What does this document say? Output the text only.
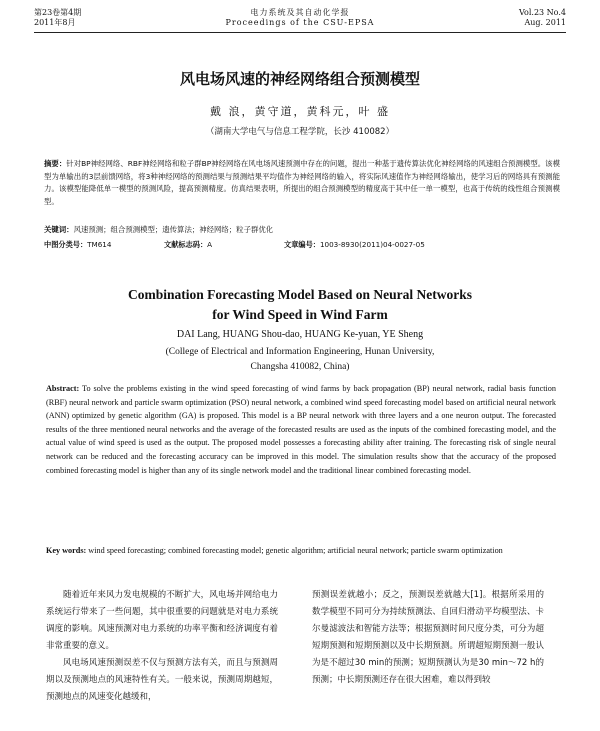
第23卷第4期
2011年8月
电力系统及其自动化学报
Proceedings of the CSU-EPSA
Vol.23 No.4
Aug. 2011
风电场风速的神经网络组合预测模型
戴 浪，黄守道，黄科元，叶 盛
（湖南大学电气与信息工程学院，长沙 410082）
摘要：针对BP神经网络、RBF神经网络和粒子群BP神经网络在风电场风速预测中存在的问题，提出一种基于遗传算法优化神经网络的风速组合预测模型。该模型为单输出的3层前馈网络，将3种神经网络的预测结果与预测结果平均值作为神经网络的输入，将实际风速值作为神经网络输出，使学习后的网络具有预测能力。该模型能降低单一模型的预测风险，提高预测精度。仿真结果表明，所提出的组合预测模型的精度高于其中任一单一模型，也高于传统的线性组合预测模型。
关键词：风速预测；组合预测模型；遗传算法；神经网络；粒子群优化
中图分类号：TM614	文献标志码：A	文章编号：1003-8930(2011)04-0027-05
Combination Forecasting Model Based on Neural Networks
for Wind Speed in Wind Farm
DAI Lang, HUANG Shou-dao, HUANG Ke-yuan, YE Sheng
(College of Electrical and Information Engineering, Hunan University,
Changsha 410082, China)
Abstract: To solve the problems existing in the wind speed forecasting of wind farms by back propagation (BP) neural network, radial basis function (RBF) neural network and particle swarm optimization (PSO) neural network, a combined wind speed forecasting model based on artificial neural network (ANN) optimized by genetic algorithm (GA) is proposed. This model is a BP neural network with three layers and a one neuron output. The forecasted results of the three mentioned neural networks and the average of the forecasted results are used as the inputs of the combined forecasting model, and the actual value of wind speed is used as the output. The proposed model possesses a forecasting ability after training. The forecasting risk of single neural network can be reduced and the forecasting accuracy can be improved in this model. The simulation results show that the accuracy of the proposed combined forecasting model is higher than any of its single network model and the traditional linear combined forecasting model.
Key words: wind speed forecasting; combined forecasting model; genetic algorithm; artificial neural network; particle swarm optimization

随着近年来风力发电规模的不断扩大，风电场并网给电力系统运行带来了一些问题，其中很重要的问题就是对电力系统调度的影响。风速预测对电力系统的功率平衡和经济调度有着非常重要的意义。

风电场风速预测误差不仅与预测方法有关，而且与预测周期以及预测地点的风速特性有关。一般来说，预测周期越短，预测地点的风速变化越缓和，

预测误差就越小；反之，预测误差就越大[1]。根据所采用的数学模型不同可分为持续预测法、自回归滑动平均模型法、卡尔曼滤波法和智能方法等；根据预测时间尺度分类，可分为超短期预测和短期预测以及中长期预测。所谓超短期预测一般认为是不超过30 min的预测；短期预测认为是30 min～72 h的预测；中长期预测还存在很大困难，难以得到较
